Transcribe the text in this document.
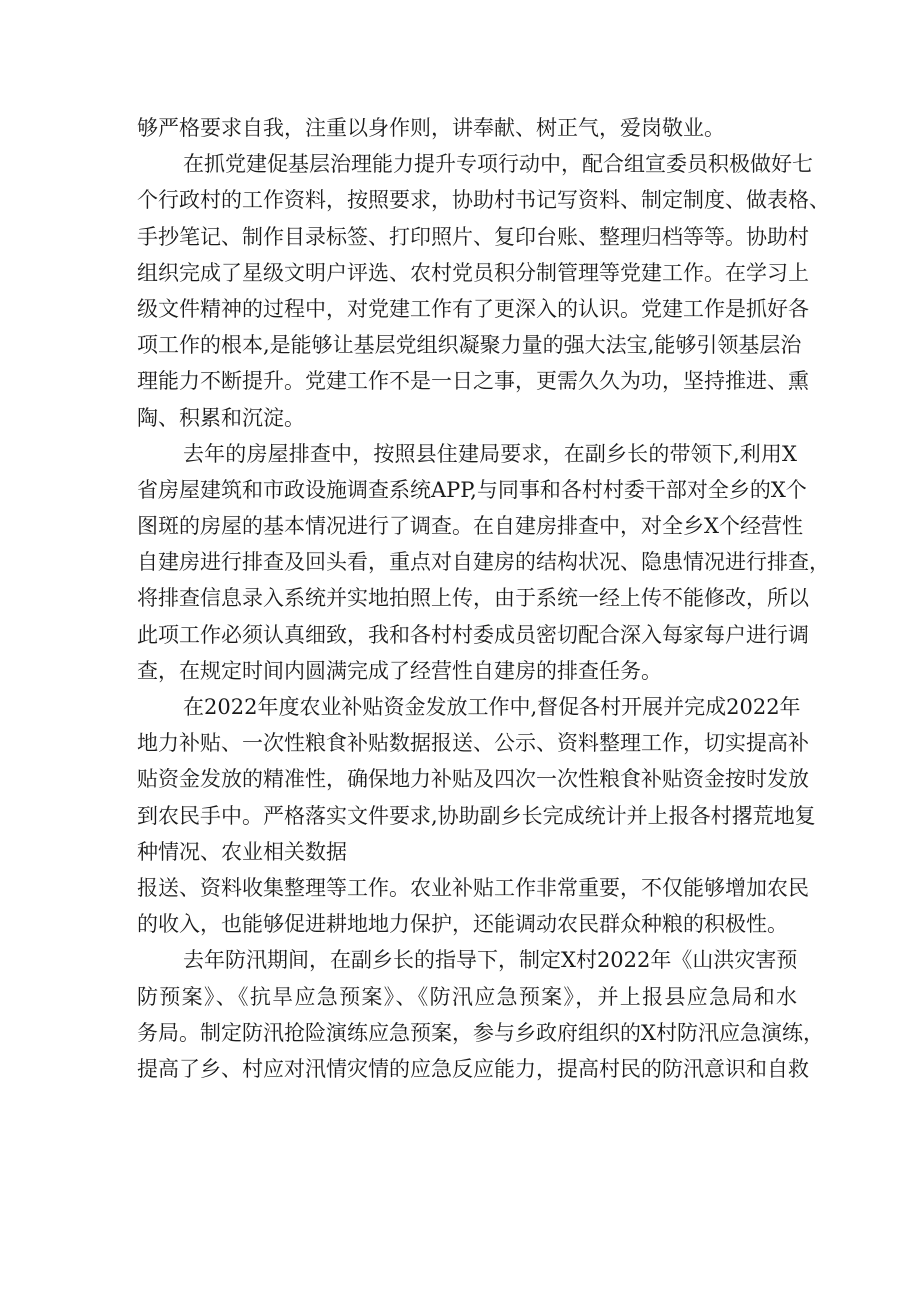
够严格要求自我，注重以身作则，讲奉献、树正气，爱岗敬业。
在抓党建促基层治理能力提升专项行动中，配合组宣委员积极做好七
个行政村的工作资料，按照要求，协助村书记写资料、制定制度、做表格、
手抄笔记、制作目录标签、打印照片、复印台账、整理归档等等。协助村
组织完成了星级文明户评选、农村党员积分制管理等党建工作。在学习上
级文件精神的过程中，对党建工作有了更深入的认识。党建工作是抓好各
项工作的根本,是能够让基层党组织凝聚力量的强大法宝,能够引领基层治
理能力不断提升。党建工作不是一日之事，更需久久为功，坚持推进、熏
陶、积累和沉淀。
去年的房屋排查中，按照县住建局要求，在副乡长的带领下,利用X
省房屋建筑和市政设施调查系统APP,与同事和各村村委干部对全乡的X个
图斑的房屋的基本情况进行了调查。在自建房排查中，对全乡X个经营性
自建房进行排查及回头看，重点对自建房的结构状况、隐患情况进行排查，
将排查信息录入系统并实地拍照上传，由于系统一经上传不能修改，所以
此项工作必须认真细致，我和各村村委成员密切配合深入每家每户进行调
查，在规定时间内圆满完成了经营性自建房的排查任务。
在2022年度农业补贴资金发放工作中,督促各村开展并完成2022年
地力补贴、一次性粮食补贴数据报送、公示、资料整理工作，切实提高补
贴资金发放的精准性，确保地力补贴及四次一次性粮食补贴资金按时发放
到农民手中。严格落实文件要求,协助副乡长完成统计并上报各村撂荒地复
种情况、农业相关数据
报送、资料收集整理等工作。农业补贴工作非常重要，不仅能够增加农民
的收入，也能够促进耕地地力保护，还能调动农民群众种粮的积极性。
去年防汛期间，在副乡长的指导下，制定X村2022年《山洪灾害预
防预案》、《抗旱应急预案》、《防汛应急预案》，并上报县应急局和水
务局。制定防汛抢险演练应急预案，参与乡政府组织的X村防汛应急演练，
提高了乡、村应对汛情灾情的应急反应能力，提高村民的防汛意识和自救
